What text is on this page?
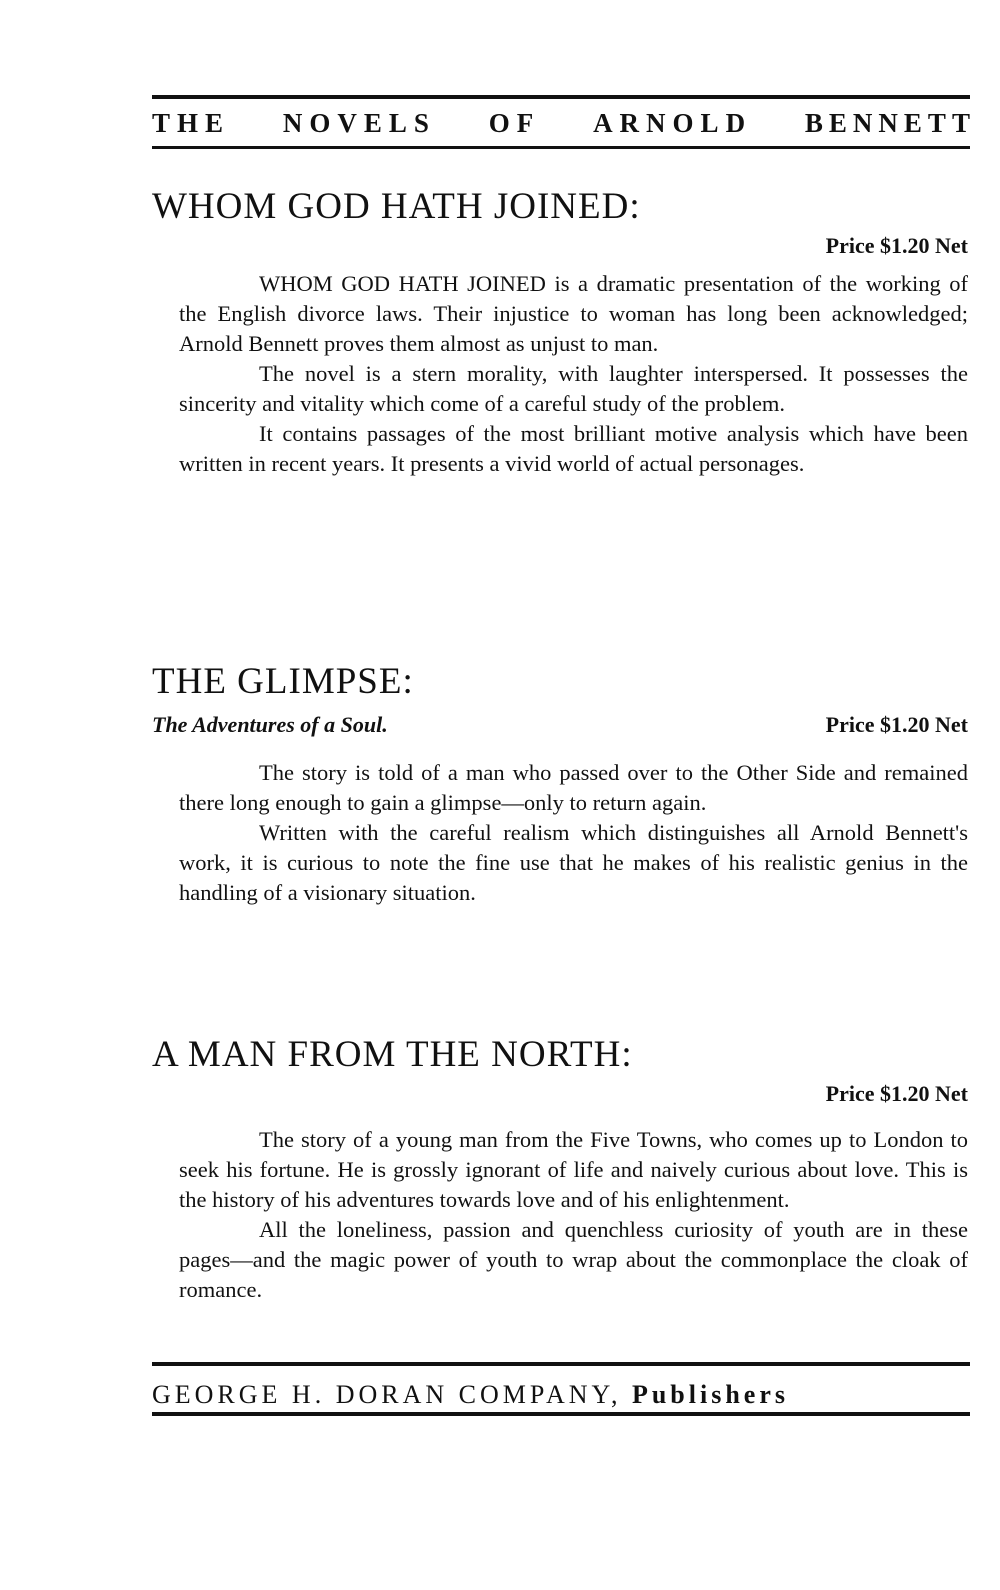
THE NOVELS OF ARNOLD BENNETT
WHOM GOD HATH JOINED:
Price $1.20 Net

WHOM GOD HATH JOINED is a dramatic presentation of the working of the English divorce laws. Their injustice to woman has long been acknowledged; Arnold Bennett proves them almost as unjust to man.

The novel is a stern morality, with laughter interspersed. It possesses the sincerity and vitality which come of a careful study of the problem.

It contains passages of the most brilliant motive analysis which have been written in recent years. It presents a vivid world of actual personages.

THE GLIMPSE:
The Adventures of a Soul.	Price $1.20 Net

The story is told of a man who passed over to the Other Side and remained there long enough to gain a glimpse—only to return again.

Written with the careful realism which distinguishes all Arnold Bennett's work, it is curious to note the fine use that he makes of his realistic genius in the handling of a visionary situation.

A MAN FROM THE NORTH:
Price $1.20 Net

The story of a young man from the Five Towns, who comes up to London to seek his fortune. He is grossly ignorant of life and naively curious about love. This is the history of his adventures towards love and of his enlightenment.

All the loneliness, passion and quenchless curiosity of youth are in these pages—and the magic power of youth to wrap about the commonplace the cloak of romance.

GEORGE H. DORAN COMPANY, Publishers
